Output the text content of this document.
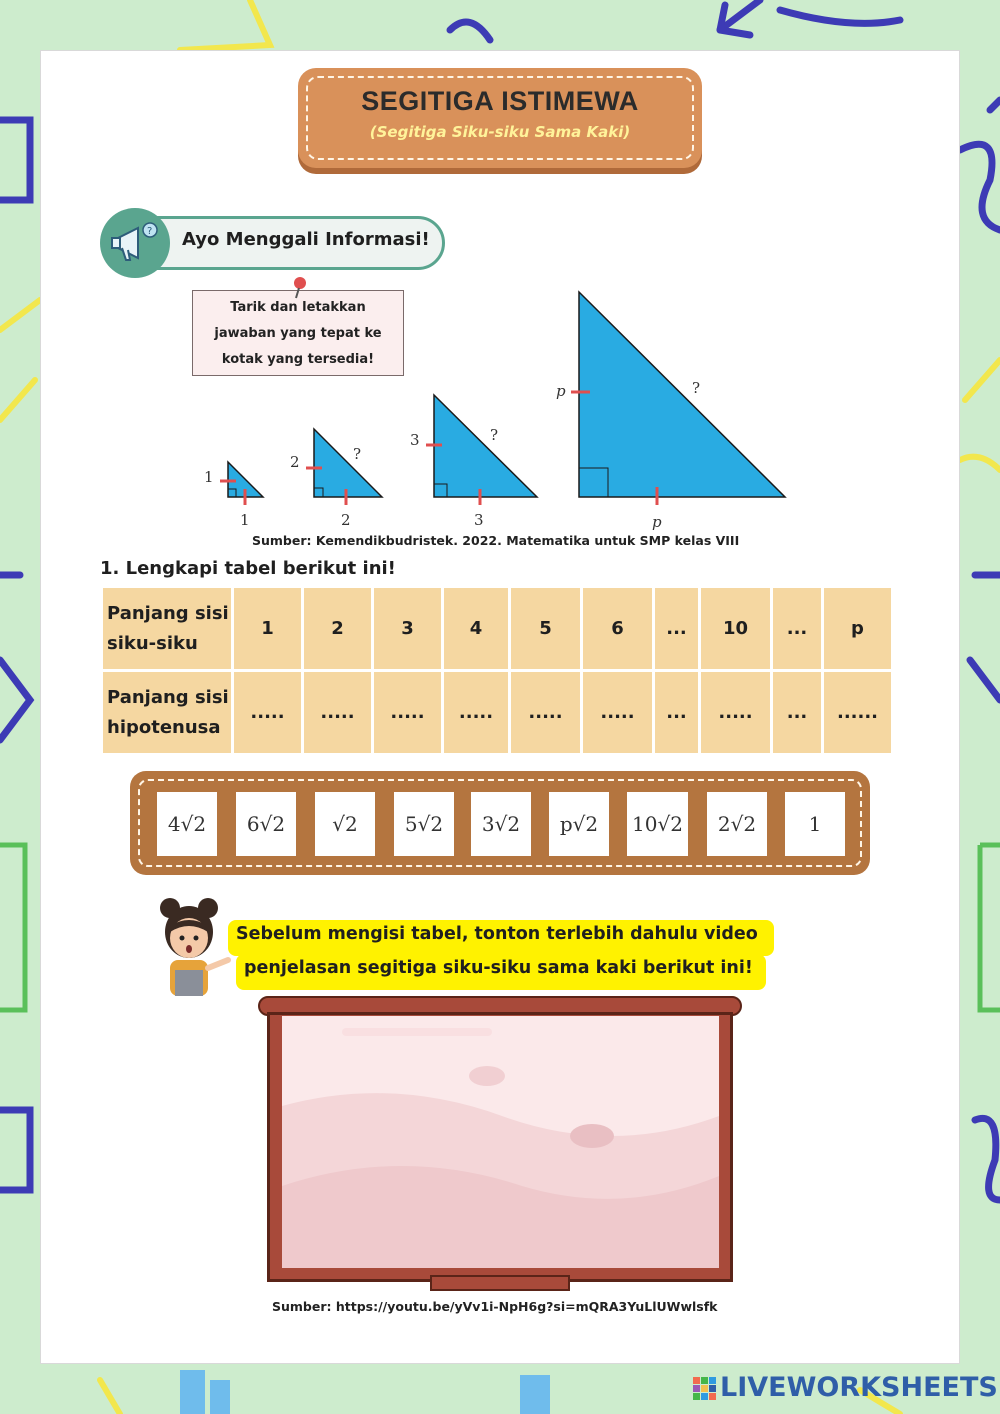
SEGITIGA ISTIMEWA
(Segitiga Siku-siku Sama Kaki)
? Ayo Menggali Informasi!
Tarik dan letakkan
jawaban yang tepat ke
kotak yang tersedia!
1
1
2
2
?
3
3
?
p
p
?
Sumber: Kemendikbudristek. 2022. Matematika untuk SMP kelas VIII
1. Lengkapi tabel berikut ini!
Panjang sisi
siku-siku	1	2	3	4	5	6	...	10	...	p
Panjang sisi
hipotenusa	.....	.....	.....	.....	.....	.....	...	.....	...	......
4√2	6√2	√2	5√2	3√2	p√2	10√2	2√2	1
Sebelum mengisi tabel, tonton terlebih dahulu video
penjelasan segitiga siku-siku sama kaki berikut ini!
Sumber: https://youtu.be/yVv1i-NpH6g?si=mQRA3YuLlUWwlsfk
LIVEWORKSHEETS
